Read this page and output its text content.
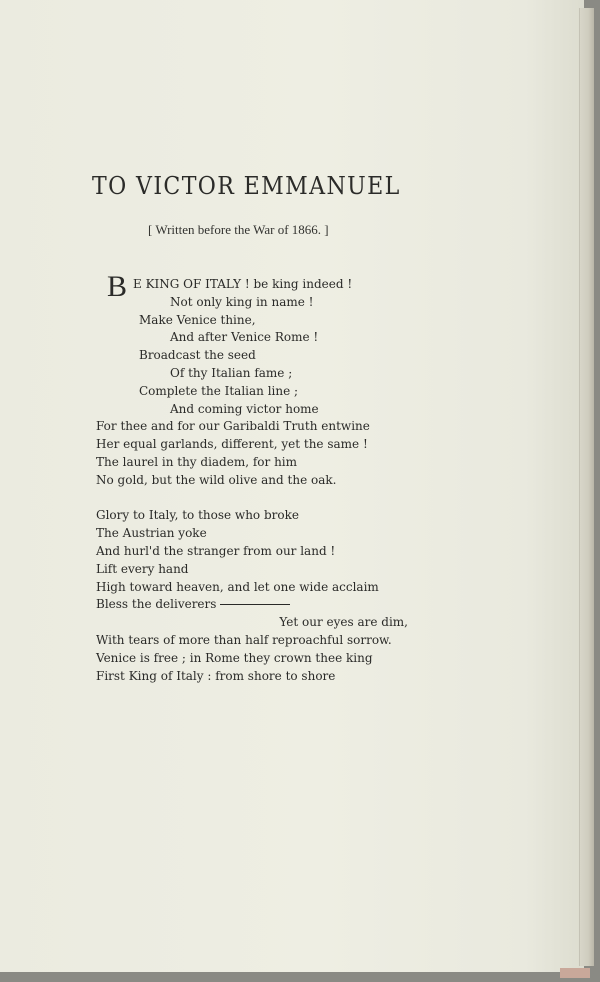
TO VICTOR EMMANUEL
[ Written before the War of 1866. ]
B E KING OF ITALY ! be king indeed !
Not only king in name !
Make Venice thine,
And after Venice Rome !
Broadcast the seed
Of thy Italian fame ;
Complete the Italian line ;
And coming victor home
For thee and for our Garibaldi Truth entwine
Her equal garlands, different, yet the same !
The laurel in thy diadem, for him
No gold, but the wild olive and the oak.
Glory to Italy, to those who broke
The Austrian yoke
And hurl'd the stranger from our land !
Lift every hand
High toward heaven, and let one wide acclaim
Bless the deliverers
Yet our eyes are dim,
With tears of more than half reproachful sorrow.
Venice is free ; in Rome they crown thee king
First King of Italy : from shore to shore
